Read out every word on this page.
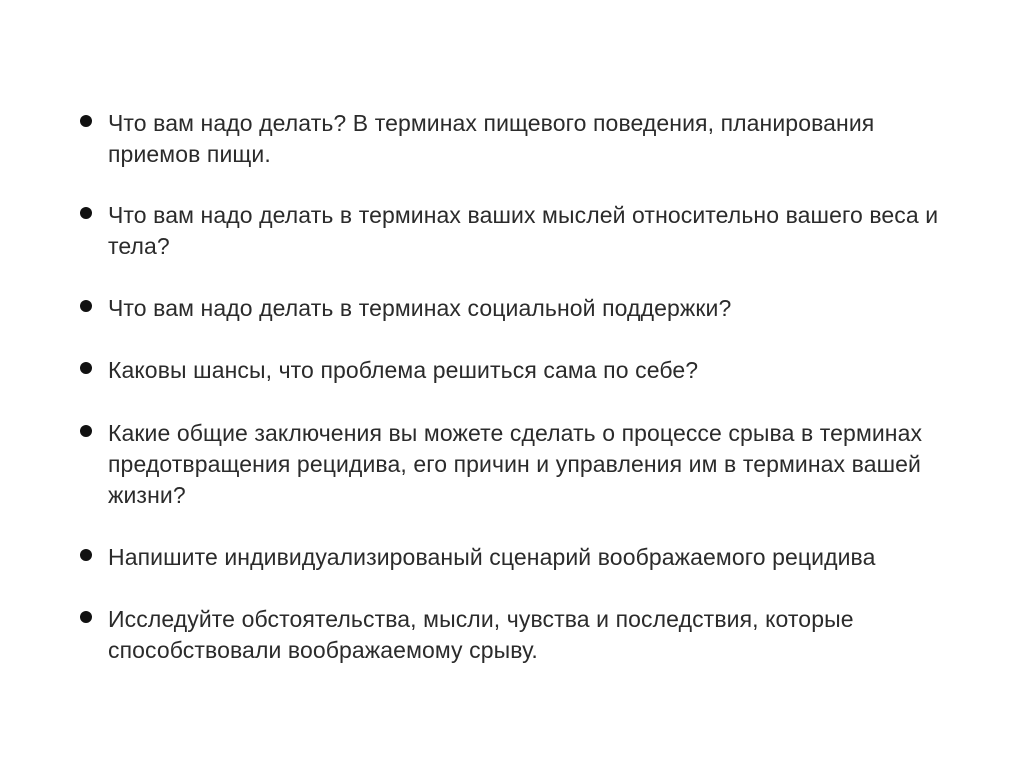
Что вам надо делать? В терминах пищевого поведения, планирования приемов пищи.
Что вам надо делать в терминах ваших мыслей относительно вашего веса и тела?
Что вам надо делать в терминах социальной поддержки?
Каковы шансы, что проблема решиться сама по себе?
Какие общие заключения вы можете сделать о процессе срыва в терминах предотвращения рецидива, его причин и управления им в терминах вашей жизни?
Напишите индивидуализированый сценарий воображаемого рецидива
Исследуйте обстоятельства, мысли, чувства и последствия, которые способствовали воображаемому срыву.
